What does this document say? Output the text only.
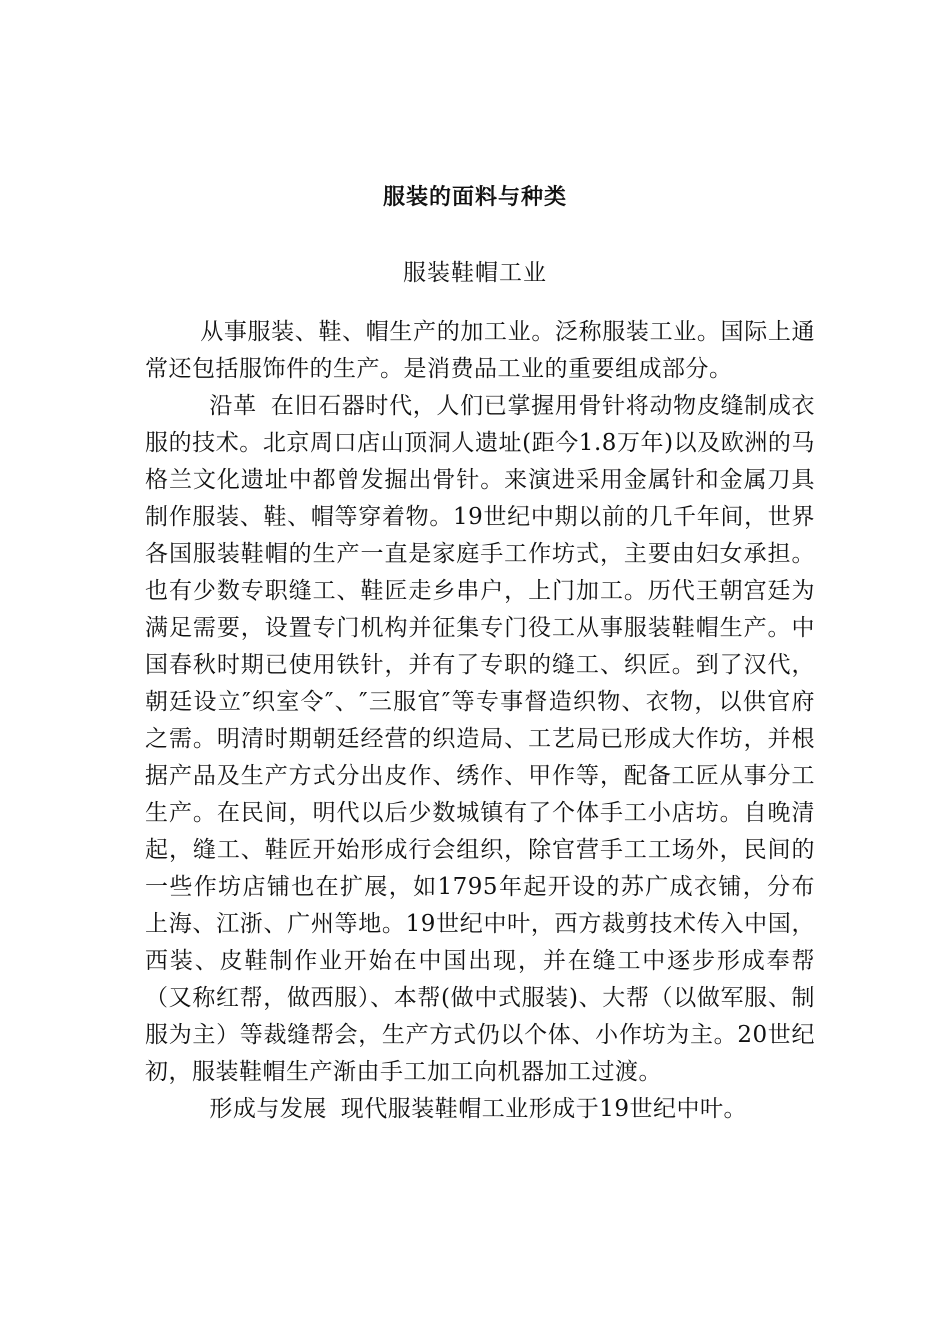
服装的面料与种类
服装鞋帽工业

从事服装、鞋、帽生产的加工业。泛称服装工业。国际上通常还包括服饰件的生产。是消费品工业的重要组成部分。

沿革 在旧石器时代，人们已掌握用骨针将动物皮缝制成衣服的技术。北京周口店山顶洞人遗址(距今1.8万年)以及欧洲的马格兰文化遗址中都曾发掘出骨针。来演进采用金属针和金属刀具制作服装、鞋、帽等穿着物。19世纪中期以前的几千年间，世界各国服装鞋帽的生产一直是家庭手工作坊式，主要由妇女承担。也有少数专职缝工、鞋匠走乡串户，上门加工。历代王朝宫廷为满足需要，设置专门机构并征集专门役工从事服装鞋帽生产。中国春秋时期已使用铁针，并有了专职的缝工、织匠。到了汉代，朝廷设立″织室令″、″三服官″等专事督造织物、衣物，以供官府之需。明清时期朝廷经营的织造局、工艺局已形成大作坊，并根据产品及生产方式分出皮作、绣作、甲作等，配备工匠从事分工生产。在民间，明代以后少数城镇有了个体手工小店坊。自晚清起，缝工、鞋匠开始形成行会组织，除官营手工工场外，民间的一些作坊店铺也在扩展，如1795年起开设的苏广成衣铺，分布上海、江浙、广州等地。19世纪中叶，西方裁剪技术传入中国，西装、皮鞋制作业开始在中国出现，并在缝工中逐步形成奉帮（又称红帮，做西服）、本帮(做中式服装)、大帮（以做军服、制服为主）等裁缝帮会，生产方式仍以个体、小作坊为主。20世纪初，服装鞋帽生产渐由手工加工向机器加工过渡。

形成与发展 现代服装鞋帽工业形成于19世纪中叶。
